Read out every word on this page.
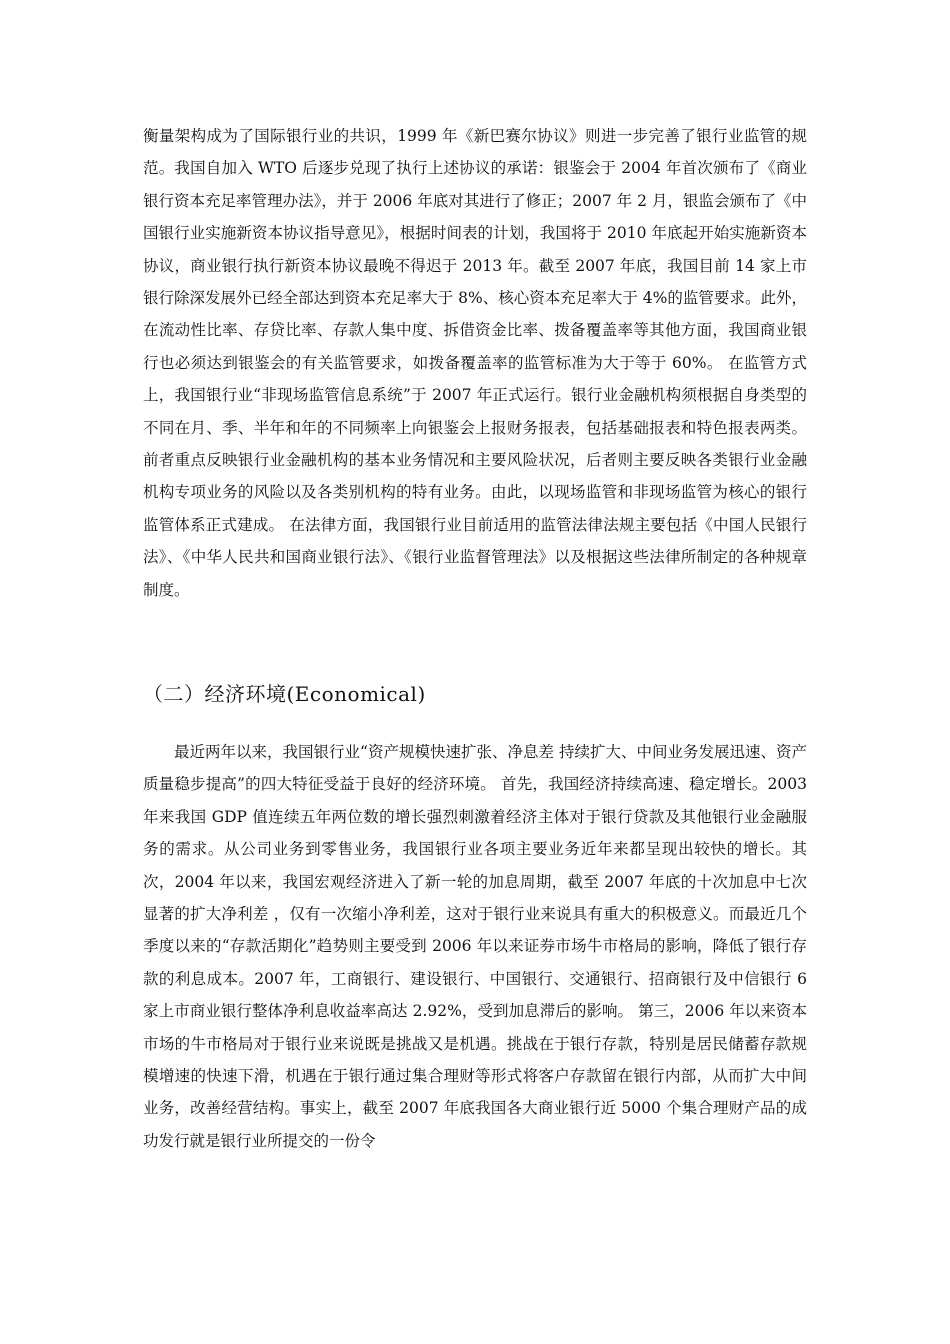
衡量架构成为了国际银行业的共识，1999 年《新巴赛尔协议》则进一步完善了银行业监管的规范。我国自加入 WTO 后逐步兑现了执行上述协议的承诺：银鉴会于 2004 年首次颁布了《商业银行资本充足率管理办法》，并于 2006 年底对其进行了修正；2007 年 2 月，银监会颁布了《中国银行业实施新资本协议指导意见》，根据时间表的计划，我国将于 2010 年底起开始实施新资本协议，商业银行执行新资本协议最晚不得迟于 2013 年。截至 2007 年底，我国目前 14 家上市银行除深发展外已经全部达到资本充足率大于 8%、核心资本充足率大于 4%的监管要求。此外，在流动性比率、存贷比率、存款人集中度、拆借资金比率、拨备覆盖率等其他方面，我国商业银行也必须达到银鉴会的有关监管要求，如拨备覆盖率的监管标准为大于等于 60%。 在监管方式上，我国银行业“非现场监管信息系统”于 2007 年正式运行。银行业金融机构须根据自身类型的不同在月、季、半年和年的不同频率上向银鉴会上报财务报表，包括基础报表和特色报表两类。前者重点反映银行业金融机构的基本业务情况和主要风险状况，后者则主要反映各类银行业金融机构专项业务的风险以及各类别机构的特有业务。由此，以现场监管和非现场监管为核心的银行监管体系正式建成。 在法律方面，我国银行业目前适用的监管法律法规主要包括《中国人民银行法》、《中华人民共和国商业银行法》、《银行业监督管理法》以及根据这些法律所制定的各种规章制度。

（二）经济环境(Economical)

最近两年以来，我国银行业“资产规模快速扩张、净息差 持续扩大、中间业务发展迅速、资产质量稳步提高”的四大特征受益于良好的经济环境。 首先，我国经济持续高速、稳定增长。2003 年来我国 GDP 值连续五年两位数的增长强烈刺激着经济主体对于银行贷款及其他银行业金融服务的需求。从公司业务到零售业务，我国银行业各项主要业务近年来都呈现出较快的增长。其次，2004 年以来，我国宏观经济进入了新一轮的加息周期，截至 2007 年底的十次加息中七次显著的扩大净利差 ，仅有一次缩小净利差，这对于银行业来说具有重大的积极意义。而最近几个季度以来的“存款活期化”趋势则主要受到 2006 年以来证券市场牛市格局的影响，降低了银行存款的利息成本。2007 年，工商银行、建设银行、中国银行、交通银行、招商银行及中信银行 6 家上市商业银行整体净利息收益率高达 2.92%，受到加息滞后的影响。 第三，2006 年以来资本市场的牛市格局对于银行业来说既是挑战又是机遇。挑战在于银行存款，特别是居民储蓄存款规模增速的快速下滑，机遇在于银行通过集合理财等形式将客户存款留在银行内部，从而扩大中间业务，改善经营结构。事实上，截至 2007 年底我国各大商业银行近 5000 个集合理财产品的成功发行就是银行业所提交的一份令
